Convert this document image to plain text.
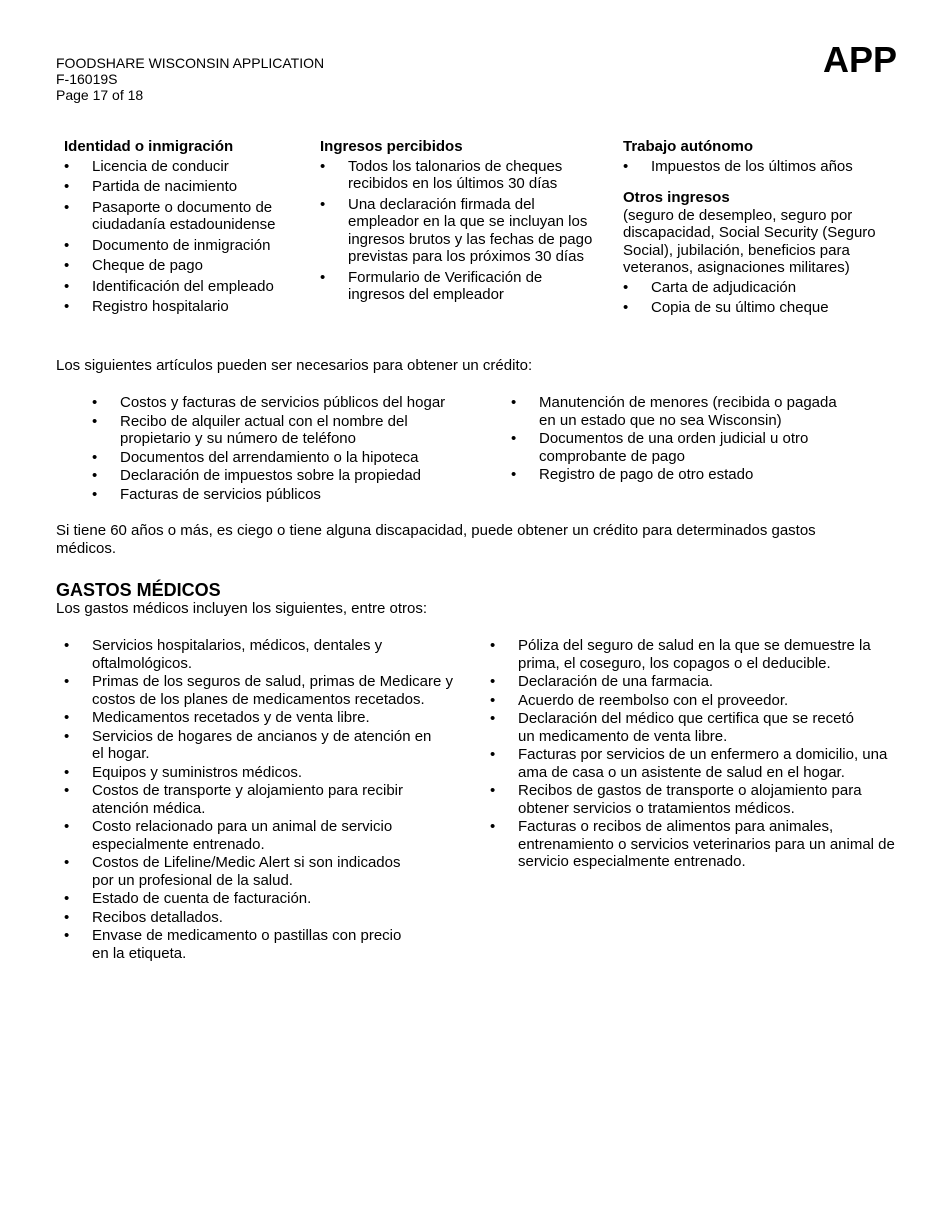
FOODSHARE WISCONSIN APPLICATION
F-16019S
Page 17 of 18
APP
Identidad o inmigración
• Licencia de conducir
• Partida de nacimiento
• Pasaporte o documento de ciudadanía estadounidense
• Documento de inmigración
• Cheque de pago
• Identificación del empleado
• Registro hospitalario
Ingresos percibidos
• Todos los talonarios de cheques recibidos en los últimos 30 días
• Una declaración firmada del empleador en la que se incluyan los ingresos brutos y las fechas de pago previstas para los próximos 30 días
• Formulario de Verificación de ingresos del empleador
Trabajo autónomo
• Impuestos de los últimos años
Otros ingresos
(seguro de desempleo, seguro por discapacidad, Social Security (Seguro Social), jubilación, beneficios para veteranos, asignaciones militares)
• Carta de adjudicación
• Copia de su último cheque
Los siguientes artículos pueden ser necesarios para obtener un crédito:
• Costos y facturas de servicios públicos del hogar
• Recibo de alquiler actual con el nombre del propietario y su número de teléfono
• Documentos del arrendamiento o la hipoteca
• Declaración de impuestos sobre la propiedad
• Facturas de servicios públicos
• Manutención de menores (recibida o pagada en un estado que no sea Wisconsin)
• Documentos de una orden judicial u otro comprobante de pago
• Registro de pago de otro estado
Si tiene 60 años o más, es ciego o tiene alguna discapacidad, puede obtener un crédito para determinados gastos médicos.
GASTOS MÉDICOS
Los gastos médicos incluyen los siguientes, entre otros:
• Servicios hospitalarios, médicos, dentales y oftalmológicos.
• Primas de los seguros de salud, primas de Medicare y costos de los planes de medicamentos recetados.
• Medicamentos recetados y de venta libre.
• Servicios de hogares de ancianos y de atención en el hogar.
• Equipos y suministros médicos.
• Costos de transporte y alojamiento para recibir atención médica.
• Costo relacionado para un animal de servicio especialmente entrenado.
• Costos de Lifeline/Medic Alert si son indicados por un profesional de la salud.
• Estado de cuenta de facturación.
• Recibos detallados.
• Envase de medicamento o pastillas con precio en la etiqueta.
• Póliza del seguro de salud en la que se demuestre la prima, el coseguro, los copagos o el deducible.
• Declaración de una farmacia.
• Acuerdo de reembolso con el proveedor.
• Declaración del médico que certifica que se recetó un medicamento de venta libre.
• Facturas por servicios de un enfermero a domicilio, una ama de casa o un asistente de salud en el hogar.
• Recibos de gastos de transporte o alojamiento para obtener servicios o tratamientos médicos.
• Facturas o recibos de alimentos para animales, entrenamiento o servicios veterinarios para un animal de servicio especialmente entrenado.
